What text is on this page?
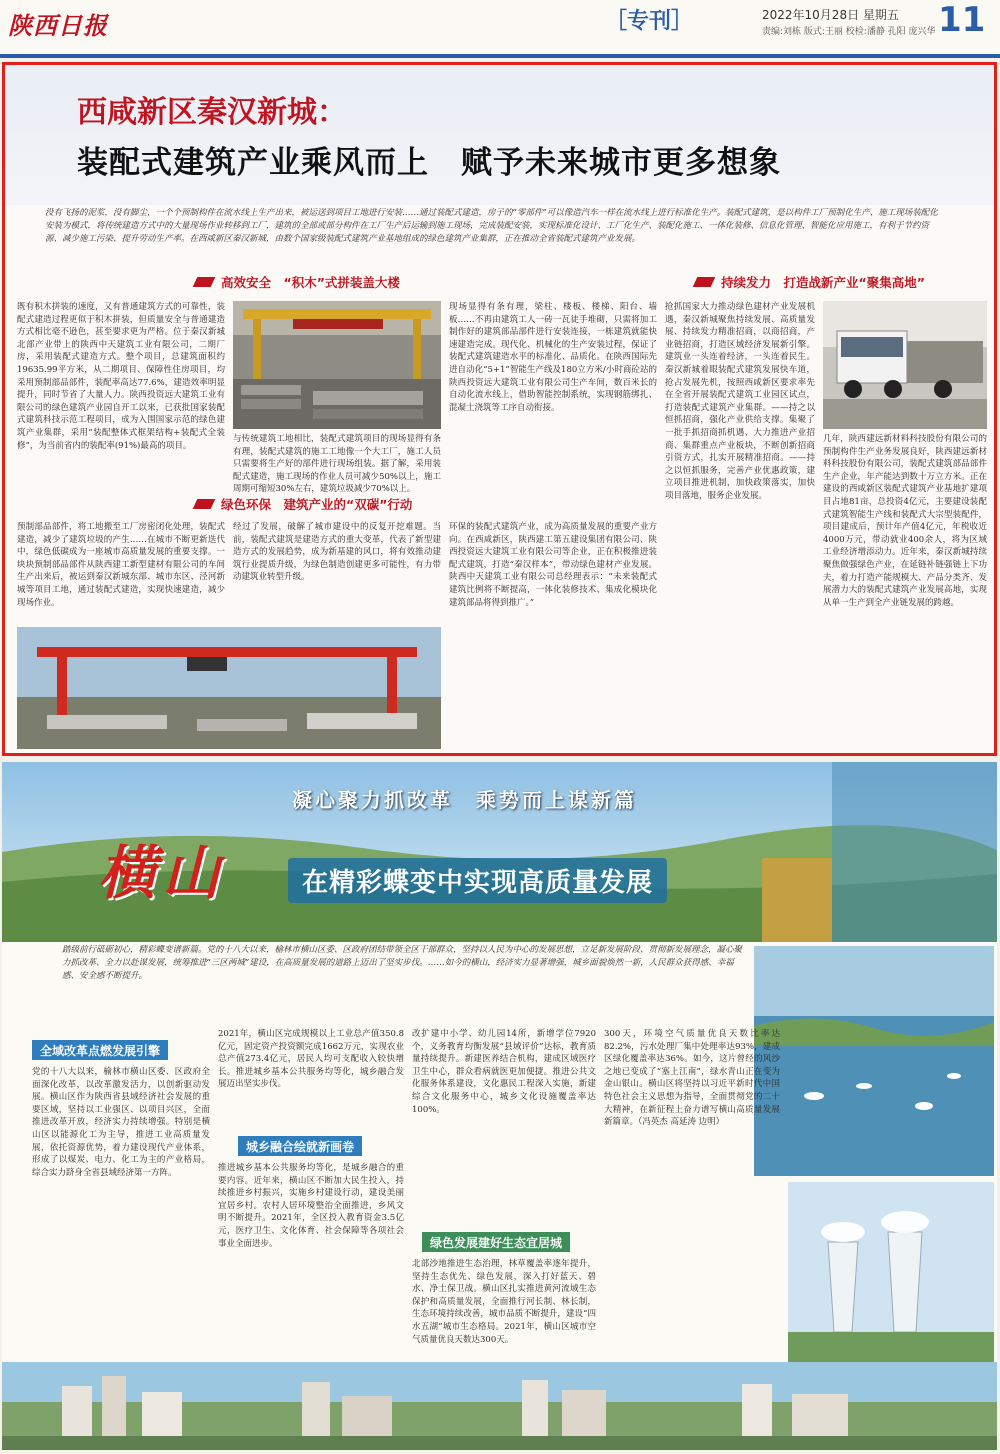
陕西日报	［专刊］	2022年10月28日 星期五
责编:刘栋 版式:王丽 校检:潘静 孔阳 庞兴华 11
西咸新区秦汉新城：
装配式建筑产业乘风而上　赋予未来城市更多想象
没有飞扬的泥浆，没有脚尘，一个个预制构件在流水线上生产出来，被运送到项目工地进行安装……通过装配式建造，房子的“零部件”可以像造汽车一样在流水线上进行标准化生产。装配式建筑，是以构件工厂预制化生产、施工现场装配化安装为模式，将传统建造方式中的大量现场作业转移到工厂，建筑的全部或部分构件在工厂生产后运输到施工现场，完成装配安装，实现标准化设计、工厂化生产、装配化施工、一体化装修、信息化管理、智能化应用施工，有利于节约资源、减少施工污染、提升劳动生产率。在西咸新区秦汉新城，由数个国家级装配式建筑产业基地组成的绿色建筑产业集群，正在推动全省装配式建筑产业发展。
高效安全　“积木”式拼装盖大楼	持续发力　打造战新产业“聚集高地”
绿色环保　建筑产业的“双碳”行动
既有积木拼装的速度，又有普通建筑方式的可靠性，装配式建造过程更似于积木拼装，但质量安全与普通建造方式相比毫不逊色，甚至要求更为严格。位于秦汉新城北部产业带上的陕西中天建筑工业有限公司，二期厂房，采用装配式建造方式。整个项目，总建筑面积约19635.99平方米，从二期项目、保障性住房项目，均采用预制部品部件，装配率高达77.6%，建造效率明显提升，同时节省了大量人力。陕西投资远大建筑工业有限公司的绿色建筑产业园自开工以来，已获批国家装配式建筑科技示范工程项目，成为入围国家示范的绿色建筑产业集群，采用“装配整体式框架结构+装配式全装修”，为当前省内的装配率(91%)最高的项目。
与传统建筑工地相比，装配式建筑项目的现场显得有条有理，装配式建筑的施工工地像一个大工厂，施工人员只需要将生产好的部件进行现场组装。据了解，采用装配式建造，施工现场的作业人员可减少50%以上，施工周期可缩短30%左右，建筑垃圾减少70%以上。
现场显得有条有理，梁柱、楼板、楼梯、阳台、墙板……不再由建筑工人一砖一瓦徒手堆砌，只需将加工制作好的建筑部品部件进行安装连接，一栋建筑就能快速建造完成。现代化、机械化的生产安装过程，保证了装配式建筑建造水平的标准化、品质化。在陕西国际先进自动化“5+1”智能生产线及180立方米/小时商砼站的陕西投资远大建筑工业有限公司生产车间，数百米长的自动化流水线上，借助智能控制系统，实现钢筋绑扎、混凝土浇筑等工序自动衔接。
抢抓国家大力推动绿色建材产业发展机遇，秦汉新城聚焦持续发展、高质量发展、持续发力精准招商，以商招商，产业链招商，打造区域经济发展新引擎。建筑业一头连着经济，一头连着民生。秦汉新城着眼装配式建筑发展快车道，抢占发展先机，按照西咸新区要求率先在全省开展装配式建筑工业园区试点，打造装配式建筑产业集群。——持之以恒抓招商，强化产业供给支撑。集聚了一批手抓招商抓机遇、大力推进产业招商、集群重点产业板块，不断创新招商引资方式，扎实开展精准招商。——持之以恒抓服务，完善产业优惠政策，建立项目推进机制，加快政策落实，加快项目落地，服务企业发展。
几年，陕西建远新材料科技股份有限公司的预制构件生产业务发展良好，陕西建远新材料科技股份有限公司，装配式建筑部品部件生产企业，年产能达到数十万立方米。正在建设的西咸新区装配式建筑产业基地扩建项目占地81亩，总投资4亿元，主要建设装配式建筑智能生产线和装配式大宗型装配件，项目建成后，预计年产值4亿元，年税收近4000万元，带动就业400余人，将为区域工业经济增添动力。近年来，秦汉新城持续聚焦做强绿色产业，在延链补链强链上下功夫，着力打造产能规模大、产品分类齐、发展潜力大的装配式建筑产业发展高地，实现从单一生产到全产业链发展的跨越。
预制部品部件，将工地搬至工厂房密闭化处理，装配式建造，减少了建筑垃圾的产生……在城市不断更新迭代中，绿色低碳成为一座城市高质量发展的重要支撑。一块块预制部品部件从陕西建工新型建材有限公司的车间生产出来后，被运到秦汉新城东部、城市东区、泾河新城等项目工地，通过装配式建造，实现快速建造，减少现场作业。
经过了发展，破解了城市建设中的反复开挖难题。当前，装配式建筑是建造方式的重大变革，代表了新型建造方式的发展趋势，成为新基建的风口，将有效推动建筑行业提质升级，为绿色制造创建更多可能性，有力带动建筑业转型升级。
环保的装配式建筑产业，成为高质量发展的重要产业方向。在西咸新区，陕西建工第五建设集团有限公司、陕西投资远大建筑工业有限公司等企业，正在积极推进装配式建筑，打造“秦汉样本”，带动绿色建材产业发展。陕西中天建筑工业有限公司总经理表示：“未来装配式建筑比例将不断提高，一体化装修技术、集成化模块化建筑部品将得到推广。”
凝心聚力抓改革　乘势而上谋新篇
横山	在精彩蝶变中实现高质量发展
踏级前行砥砺初心，精彩蝶变谱新篇。党的十八大以来，榆林市横山区委、区政府团结带领全区干部群众，坚持以人民为中心的发展思想，立足新发展阶段、贯彻新发展理念，凝心聚力抓改革、全力以赴谋发展，统筹推进“三区两城”建设，在高质量发展的道路上迈出了坚实步伐。……如今的横山，经济实力显著增强，城乡面貌焕然一新，人民群众获得感、幸福感、安全感不断提升。
全域改革点燃发展引擎
党的十八大以来，榆林市横山区委、区政府全面深化改革，以改革激发活力，以创新驱动发展。横山区作为陕西省县域经济社会发展的重要区域，坚持以工业强区、以项目兴区，全面推进改革开放，经济实力持续增强。特别是横山区以能源化工为主导，推进工业高质量发展，依托资源优势，着力建设现代产业体系，形成了以煤炭、电力、化工为主的产业格局，综合实力跻身全省县域经济第一方阵。
2021年，横山区完成规模以上工业总产值350.8亿元，固定资产投资额完成1662万元，实现农业总产值273.4亿元，居民人均可支配收入较快增长。推进城乡基本公共服务均等化，城乡融合发展迈出坚实步伐。
城乡融合绘就新画卷
推进城乡基本公共服务均等化，是城乡融合的重要内容。近年来，横山区不断加大民生投入，持续推进乡村振兴，实施乡村建设行动，建设美丽宜居乡村。农村人居环境整治全面推进，乡风文明不断提升。2021年，全区投入教育资金3.5亿元，医疗卫生、文化体育、社会保障等各项社会事业全面进步。
改扩建中小学、幼儿园14所，新增学位7920个，义务教育均衡发展“县域评价”达标，教育质量持续提升。新建医养结合机构，建成区域医疗卫生中心，群众看病就医更加便捷。推进公共文化服务体系建设，文化惠民工程深入实施，新建综合文化服务中心，城乡文化设施覆盖率达100%。
绿色发展建好生态宜居城
北部沙地推进生态治理，林草覆盖率逐年提升，坚持生态优先、绿色发展，深入打好蓝天、碧水、净土保卫战。横山区扎实推进黄河流域生态保护和高质量发展，全面推行河长制、林长制，生态环境持续改善，城市品质不断提升，建设“四水五湖”城市生态格局。2021年，横山区城市空气质量优良天数达300天。
300天，环境空气质量优良天数比率达82.2%，污水处理厂集中处理率达93%，建成区绿化覆盖率达36%。如今，这片曾经的风沙之地已变成了“塞上江南”，绿水青山正在变为金山银山。横山区将坚持以习近平新时代中国特色社会主义思想为指导，全面贯彻党的二十大精神，在新征程上奋力谱写横山高质量发展新篇章。（冯英杰 高延涛 边明）
